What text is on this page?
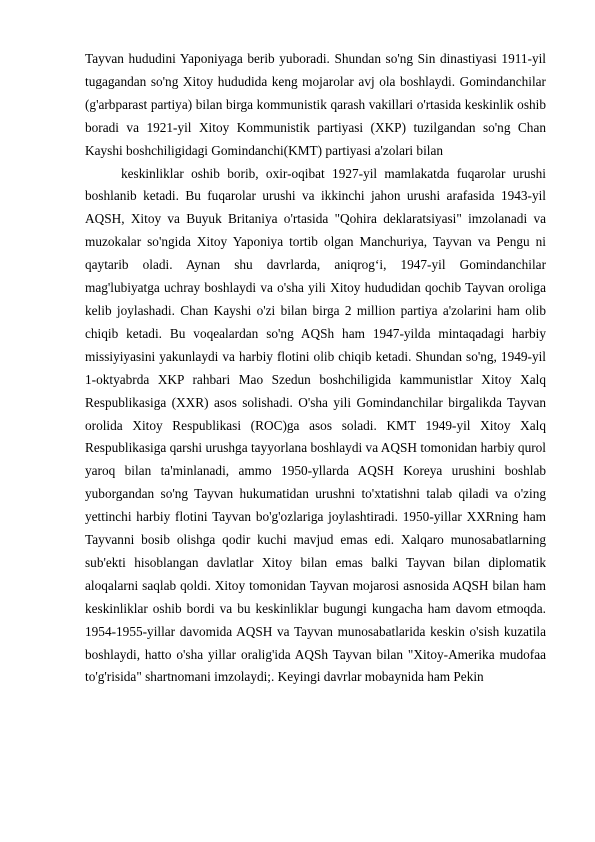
Tayvan hududini Yaponiyaga berib yuboradi. Shundan so'ng Sin dinastiyasi 1911-yil tugagandan so'ng Xitoy hududida keng mojarolar avj ola boshlaydi. Gomindanchilar (g'arbparast partiya) bilan birga kommunistik qarash vakillari o'rtasida keskinlik oshib boradi va 1921-yil Xitoy Kommunistik partiyasi (XKP) tuzilgandan so'ng Chan Kayshi boshchiligidagi Gomindanchi(KMT) partiyasi a'zolari bilan

keskinliklar oshib borib, oxir-oqibat 1927-yil mamlakatda fuqarolar urushi boshlanib ketadi. Bu fuqarolar urushi va ikkinchi jahon urushi arafasida 1943-yil AQSH, Xitoy va Buyuk Britaniya o'rtasida "Qohira deklaratsiyasi" imzolanadi va muzokalar so'ngida Xitoy Yaponiya tortib olgan Manchuriya, Tayvan va Pengu ni qaytarib oladi. Aynan shu davrlarda, aniqrog‘i, 1947-yil Gomindanchilar mag'lubiyatga uchray boshlaydi va o'sha yili Xitoy hududidan qochib Tayvan oroliga kelib joylashadi. Chan Kayshi o'zi bilan birga 2 million partiya a'zolarini ham olib chiqib ketadi. Bu voqealardan so'ng AQSh ham 1947-yilda mintaqadagi harbiy missiyiyasini yakunlaydi va harbiy flotini olib chiqib ketadi. Shundan so'ng, 1949-yil 1-oktyabrda XKP rahbari Mao Szedun boshchiligida kammunistlar Xitoy Xalq Respublikasiga (XXR) asos solishadi. O'sha yili Gomindanchilar birgalikda Tayvan orolida Xitoy Respublikasi (ROC)ga asos soladi. KMT 1949-yil Xitoy Xalq Respublikasiga qarshi urushga tayyorlana boshlaydi va AQSH tomonidan harbiy qurol yaroq bilan ta'minlanadi, ammo 1950-yllarda AQSH Koreya urushini boshlab yuborgandan so'ng Tayvan hukumatidan urushni to'xtatishni talab qiladi va o'zing yettinchi harbiy flotini Tayvan bo'g'ozlariga joylashtiradi. 1950-yillar XXRning ham Tayvanni bosib olishga qodir kuchi mavjud emas edi. Xalqaro munosabatlarning sub'ekti hisoblangan davlatlar Xitoy bilan emas balki Tayvan bilan diplomatik aloqalarni saqlab qoldi. Xitoy tomonidan Tayvan mojarosi asnosida AQSH bilan ham keskinliklar oshib bordi va bu keskinliklar bugungi kungacha ham davom etmoqda. 1954-1955-yillar davomida AQSH va Tayvan munosabatlarida keskin o'sish kuzatila boshlaydi, hatto o'sha yillar oralig'ida AQSh Tayvan bilan "Xitoy-Amerika mudofaa to'g'risida" shartnomani imzolaydi;. Keyingi davrlar mobaynida ham Pekin
